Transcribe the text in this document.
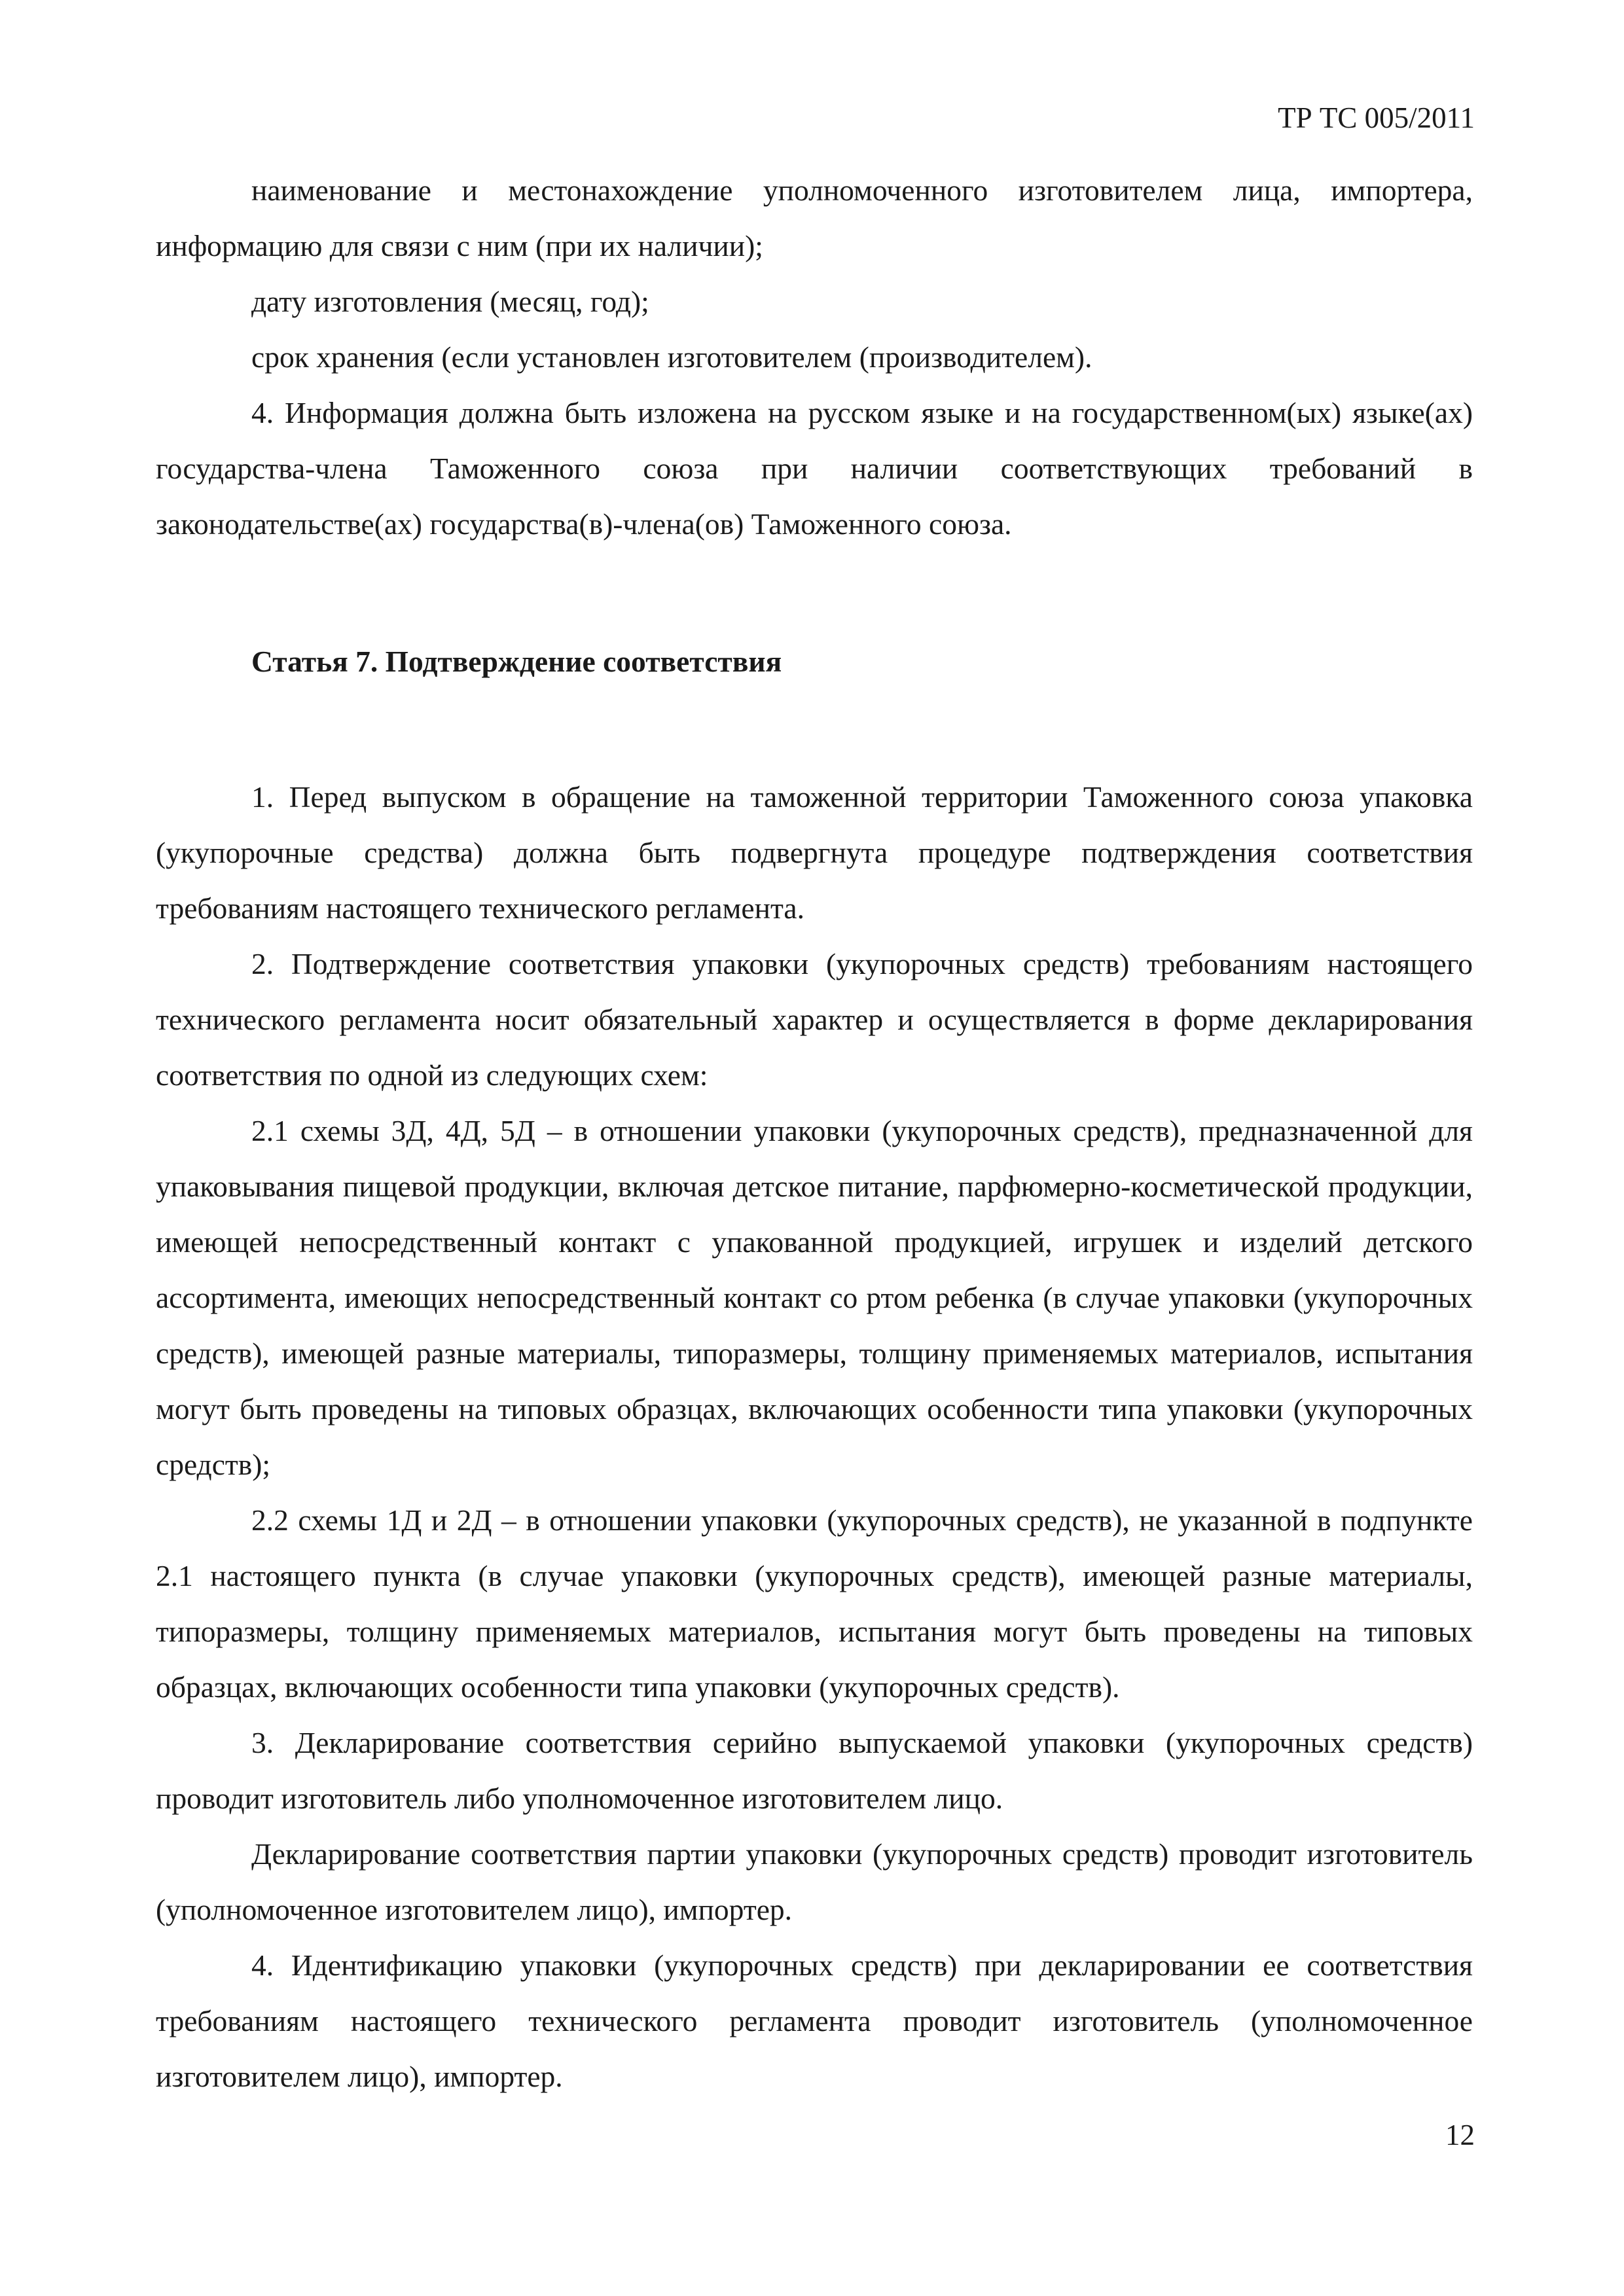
ТР ТС 005/2011

наименование и местонахождение уполномоченного изготовителем лица, импортера, информацию для связи с ним (при их наличии);

дату изготовления (месяц, год);

срок хранения (если установлен изготовителем (производителем).

4. Информация должна быть изложена на русском языке и на государственном(ых) языке(ах) государства-члена Таможенного союза при наличии соответствующих требований в законодательстве(ах) государства(в)-члена(ов) Таможенного союза.

Статья 7. Подтверждение соответствия

1. Перед выпуском в обращение на таможенной территории Таможенного союза упаковка (укупорочные средства) должна быть подвергнута процедуре подтверждения соответствия требованиям настоящего технического регламента.

2. Подтверждение соответствия упаковки (укупорочных средств) требованиям настоящего технического регламента носит обязательный характер и осуществляется в форме декларирования соответствия по одной из следующих схем:

2.1 схемы 3Д, 4Д, 5Д – в отношении упаковки (укупорочных средств), предназначенной для упаковывания пищевой продукции, включая детское питание, парфюмерно-косметической продукции, имеющей непосредственный контакт с упакованной продукцией, игрушек и изделий детского ассортимента, имеющих непосредственный контакт со ртом ребенка (в случае упаковки (укупорочных средств), имеющей разные материалы, типоразмеры, толщину применяемых материалов, испытания могут быть проведены на типовых образцах, включающих особенности типа упаковки (укупорочных средств);

2.2 схемы 1Д и 2Д – в отношении упаковки (укупорочных средств), не указанной в подпункте 2.1 настоящего пункта (в случае упаковки (укупорочных средств), имеющей разные материалы, типоразмеры, толщину применяемых материалов, испытания могут быть проведены на типовых образцах, включающих особенности типа упаковки (укупорочных средств).

3. Декларирование соответствия серийно выпускаемой упаковки (укупорочных средств) проводит изготовитель либо уполномоченное изготовителем лицо.

Декларирование соответствия партии упаковки (укупорочных средств) проводит изготовитель (уполномоченное изготовителем лицо), импортер.

4. Идентификацию упаковки (укупорочных средств) при декларировании ее соответствия требованиям настоящего технического регламента проводит изготовитель (уполномоченное изготовителем лицо), импортер.

12
